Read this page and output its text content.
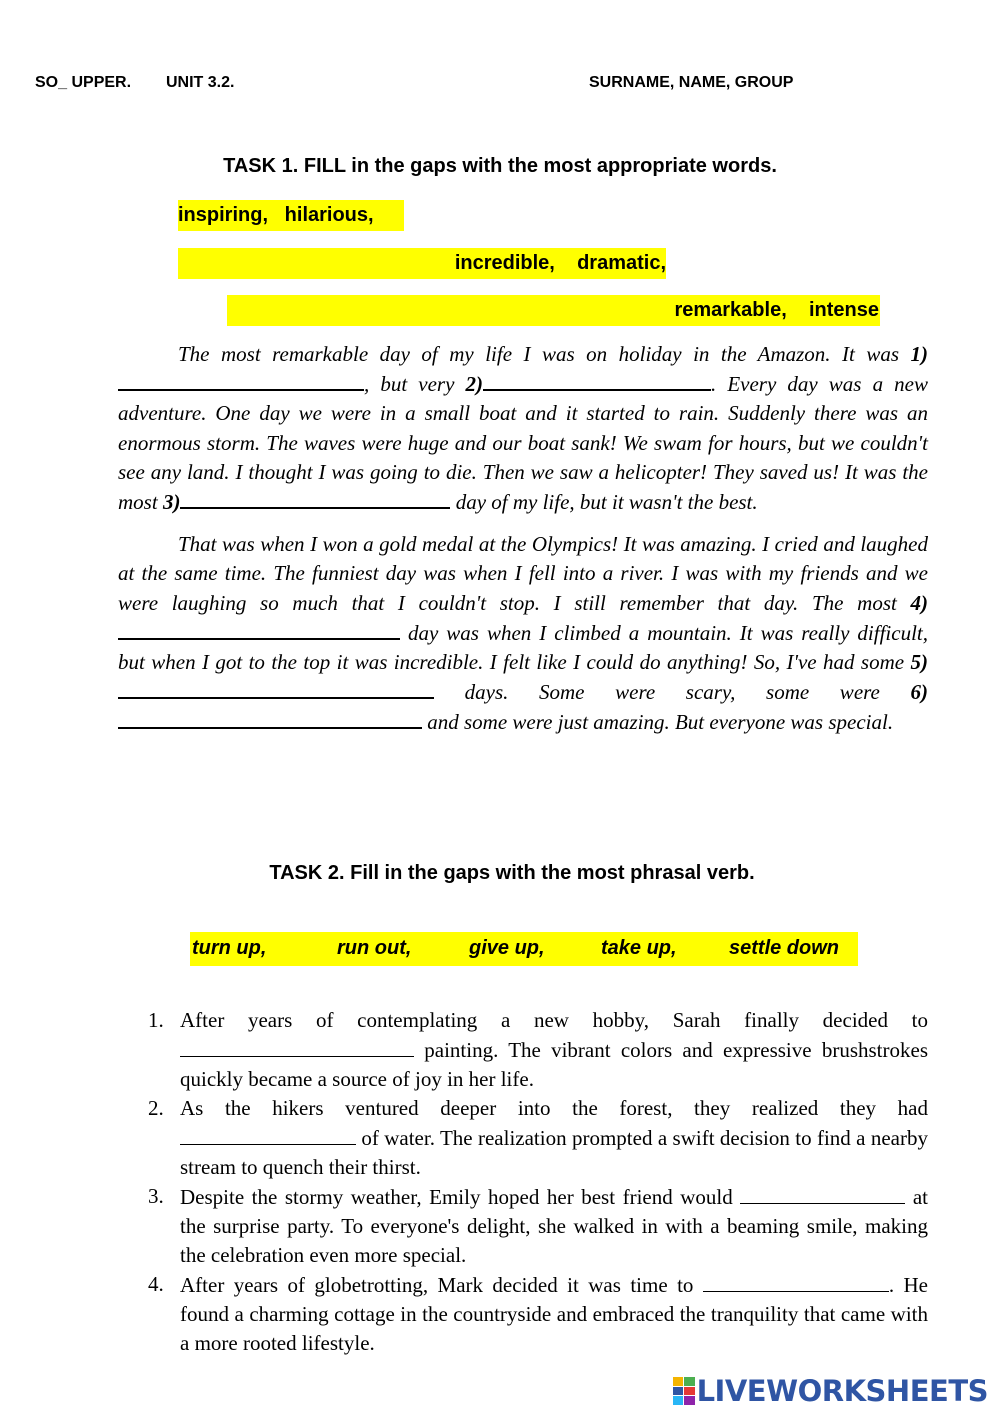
SO_ UPPER. UNIT 3.2.	SURNAME, NAME, GROUP
TASK 1. FILL in the gaps with the most appropriate words.
inspiring,   hilarious,
incredible,    dramatic,
remarkable,    intense

The most remarkable day of my life I was on holiday in the Amazon. It was 1), but very 2)	. Every day was a new adventure. One day we were in a small boat and it started to rain. Suddenly there was an enormous storm. The waves were huge and our boat sank! We swam for hours, but we couldn't see any land. I thought I was going to die. Then we saw a helicopter! They saved us! It was the most 3)	day of my life, but it wasn't the best.

That was when I won a gold medal at the Olympics! It was amazing. I cried and laughed at the same time. The funniest day was when I fell into a river. I was with my friends and we were laughing so much that I couldn't stop. I still remember that day. The most 4) day was when I climbed a mountain. It was really difficult, but when I got to the top it was incredible. I felt like I could do anything! So, I've had some 5) days. Some were scary, some were 6) and some were just amazing. But everyone was special.

TASK 2. Fill in the gaps with the most phrasal verb.
turn up,	run out,	give up,	take up,	settle down
1. After years of contemplating a new hobby, Sarah finally decided to  painting. The vibrant colors and expressive brushstrokes quickly became a source of joy in her life.
2. As the hikers ventured deeper into the forest, they realized they had  of water. The realization prompted a swift decision to find a nearby stream to quench their thirst.
3. Despite the stormy weather, Emily hoped her best friend would	at the surprise party. To everyone's delight, she walked in with a beaming smile, making the celebration even more special.
4. After years of globetrotting, Mark decided it was time to	. He found a charming cottage in the countryside and embraced the tranquility that came with a more rooted lifestyle.
LIVEWORKSHEETS
